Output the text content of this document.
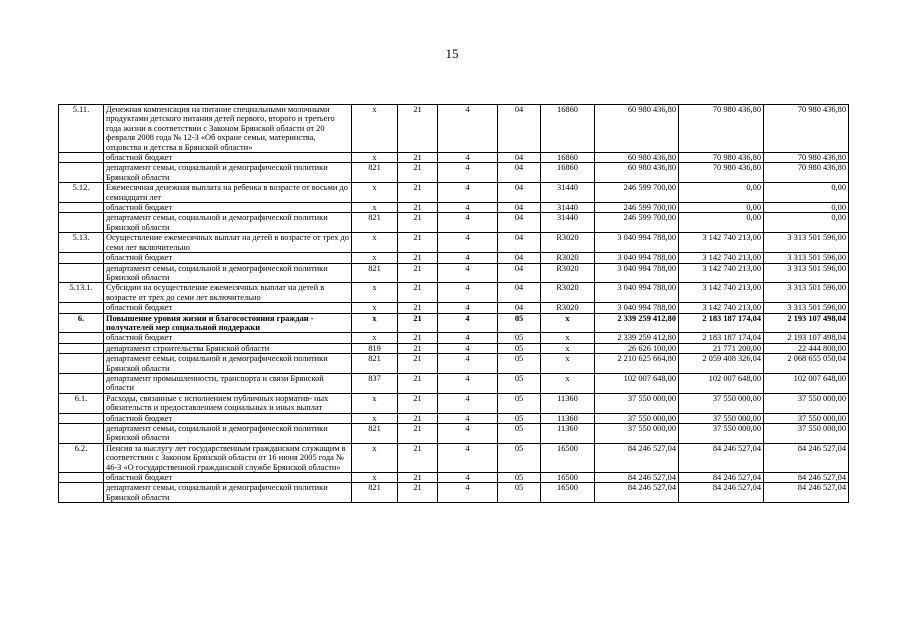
15
5.11.	Денежная компенсация на питание специальными молочными продуктами детского питания детей первого, второго и третьего года жизни в соответствии с Законом Брянской области от 20 февраля 2008 года № 12-З «Об охране семьи, материнства, отцовства и детства в Брянской области»	х	21	4	04	16860	60 980 436,80	70 980 436,80	70 980 436,80
	областной бюджет	х	21	4	04	16860	60 980 436,80	70 980 436,80	70 980 436,80
	департамент семьи, социальной и демографической политики Брянской области	821	21	4	04	16860	60 980 436,80	70 980 436,80	70 980 436,80
5.12.	Ежемесячная денежная выплата на ребенка в возрасте от восьми до семнадцати лет	х	21	4	04	31440	246 599 700,00	0,00	0,00
	областной бюджет	х	21	4	04	31440	246 599 700,00	0,00	0,00
	департамент семьи, социальной и демографической политики Брянской области	821	21	4	04	31440	246 599 700,00	0,00	0,00
5.13.	Осуществление ежемесячных выплат на детей в возрасте от трех до семи лет включительно	х	21	4	04	R3020	3 040 994 788,00	3 142 740 213,00	3 313 501 596,00
	областной бюджет	х	21	4	04	R3020	3 040 994 788,00	3 142 740 213,00	3 313 501 596,00
	департамент семьи, социальной и демографической политики Брянской области	821	21	4	04	R3020	3 040 994 788,00	3 142 740 213,00	3 313 501 596,00
5.13.1.	Субсидии на осуществление ежемесячных выплат на детей в возрасте от трех до семи лет включительно	х	21	4	04	R3020	3 040 994 788,00	3 142 740 213,00	3 313 501 596,00
	областной бюджет	х	21	4	04	R3020	3 040 994 788,00	3 142 740 213,00	3 313 501 596,00
6.	Повышение уровня жизни и благосостояния граждан - получателей мер социальной поддержки	х	21	4	05	х	2 339 259 412,80	2 183 187 174,04	2 193 107 498,04
	областной бюджет	х	21	4	05	х	2 339 259 412,80	2 183 187 174,04	2 193 107 498,04
	департамент строительства Брянской области	819	21	4	05	х	26 626 100,00	21 771 200,00	22 444 800,00
	департамент семьи, социальной и демографической политики Брянской области	821	21	4	05	х	2 210 625 664,80	2 059 408 326,04	2 068 655 050,04
	департамент промышленности, транспорта и связи Брянской области	837	21	4	05	х	102 007 648,00	102 007 648,00	102 007 648,00
6.1.	Расходы, связанные с исполнением публичных норматив- ных обязательств и предоставлением социальных и иных выплат	х	21	4	05	11360	37 550 000,00	37 550 000,00	37 550 000,00
	областной бюджет	х	21	4	05	11360	37 550 000,00	37 550 000,00	37 550 000,00
	департамент семьи, социальной и демографической политики Брянской области	821	21	4	05	11360	37 550 000,00	37 550 000,00	37 550 000,00
6.2.	Пенсия за выслугу лет государственным гражданским служащим в соответствии с Законом Брянской области от 16 июня 2005 года № 46-З «О государственной гражданской службе Брянской области»	х	21	4	05	16500	84 246 527,04	84 246 527,04	84 246 527,04
	областной бюджет	х	21	4	05	16500	84 246 527,04	84 246 527,04	84 246 527,04
	департамент семьи, социальной и демографической политики Брянской области	821	21	4	05	16500	84 246 527,04	84 246 527,04	84 246 527,04
